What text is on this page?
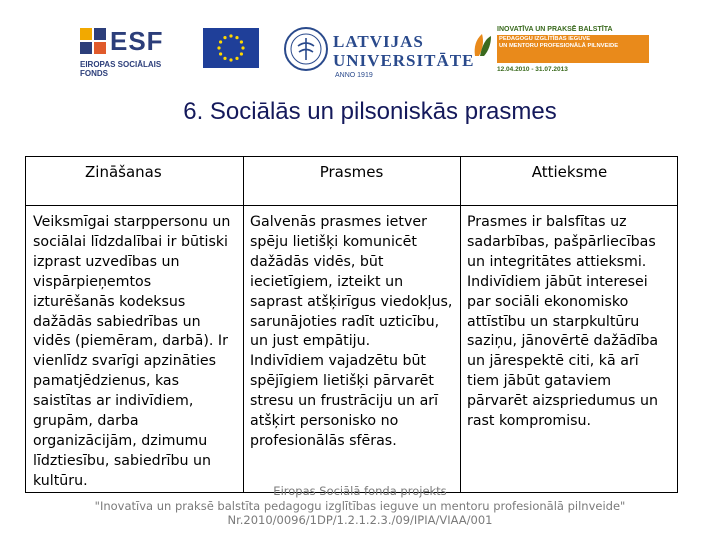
ESF
EIROPAS SOCIĀLAIS
FONDS
LATVIJAS
UNIVERSITĀTE
ANNO 1919
INOVATĪVA UN PRAKSĒ BALSTĪTA
PEDAGOGU IZGLĪTĪBAS IEGUVE
UN MENTORU PROFESIONĀLĀ PILNVEIDE
12.04.2010 - 31.07.2013
6. Sociālās un pilsoniskās prasmes
Zināšanas	Prasmes	Attieksme
Veiksmīgai starppersonu un
sociālai līdzdalībai ir būtiski
izprast uzvedības un
vispārpieņemtos
izturēšanās kodeksus
dažādās sabiedrības un
vidēs (piemēram, darbā). Ir
vienlīdz svarīgi apzināties
pamatjēdzienus, kas
saistītas ar indivīdiem,
grupām, darba
organizācijām, dzimumu
līdztiesību, sabiedrību un
kultūru.
Galvenās prasmes ietver
spēju lietišķi komunicēt
dažādās vidēs, būt
iecietīgiem, izteikt un
saprast atšķirīgus viedokļus,
sarunājoties radīt uzticību,
un just empātiju.
Indivīdiem vajadzētu būt
spējīgiem lietišķi pārvarēt
stresu un frustrāciju un arī
atšķirt personisko no
profesionālās sfēras.
Prasmes ir balsfītas uz
sadarbības, pašpārliecības
un integritātes attieksmi.
Indivīdiem jābūt interesei
par sociāli ekonomisko
attīstību un starpkultūru
saziņu, jānovērtē dažādība
un jārespektē citi, kā arī
tiem jābūt gataviem
pārvarēt aizspriedumus un
rast kompromisu.
Eiropas Sociālā fonda projekts
"Inovatīva un praksē balstīta pedagogu izglītības ieguve un mentoru profesionālā pilnveide"
Nr.2010/0096/1DP/1.2.1.2.3./09/IPIA/VIAA/001
